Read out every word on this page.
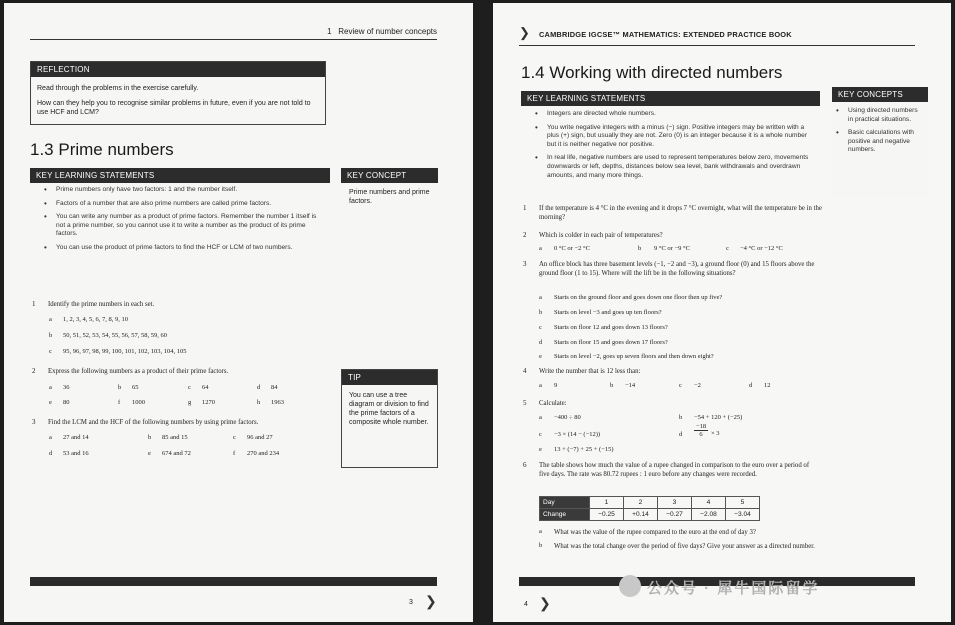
1 Review of number concepts
REFLECTION
Read through the problems in the exercise carefully.
How can they help you to recognise similar problems in future, even if you are not told to use HCF and LCM?
1.3 Prime numbers
KEY LEARNING STATEMENTS
• Prime numbers only have two factors: 1 and the number itself.
• Factors of a number that are also prime numbers are called prime factors.
• You can write any number as a product of prime factors. Remember the number 1 itself is not a prime number, so you cannot use it to write a number as the product of its prime factors.
• You can use the product of prime factors to find the HCF or LCM of two numbers.
KEY CONCEPT
Prime numbers and prime factors.
1 Identify the prime numbers in each set.
a 1, 2, 3, 4, 5, 6, 7, 8, 9, 10
b 50, 51, 52, 53, 54, 55, 56, 57, 58, 59, 60
c 95, 96, 97, 98, 99, 100, 101, 102, 103, 104, 105
2 Express the following numbers as a product of their prime factors.
a 36	b 65	c 64	d 84
e 80	f 1000	g 1270	h 1963
3 Find the LCM and the HCF of the following numbers by using prime factors.
a 27 and 14	b 85 and 15	c 96 and 27
d 53 and 16	e 674 and 72	f 270 and 234
TIP
You can use a tree diagram or division to find the prime factors of a composite whole number.
3 ❯
❯ CAMBRIDGE IGCSE™ MATHEMATICS: EXTENDED PRACTICE BOOK
1.4 Working with directed numbers
KEY LEARNING STATEMENTS
• Integers are directed whole numbers.
• You write negative integers with a minus (−) sign. Positive integers may be written with a plus (+) sign, but usually they are not. Zero (0) is an integer because it is a whole number but it is neither negative nor positive.
• In real life, negative numbers are used to represent temperatures below zero, movements downwards or left, depths, distances below sea level, bank withdrawals and overdrawn amounts, and many more things.
KEY CONCEPTS
• Using directed numbers in practical situations.
• Basic calculations with positive and negative numbers.
1 If the temperature is 4 °C in the evening and it drops 7 °C overnight, what will the temperature be in the morning?
2 Which is colder in each pair of temperatures?
a 0 °C or −2 °C	b 9 °C or −9 °C	c −4 °C or −12 °C
3 An office block has three basement levels (−1, −2 and −3), a ground floor (0) and 15 floors above the ground floor (1 to 15). Where will the lift be in the following situations?
a Starts on the ground floor and goes down one floor then up five?
b Starts on level −3 and goes up ten floors?
c Starts on floor 12 and goes down 13 floors?
d Starts on floor 15 and goes down 17 floors?
e Starts on level −2, goes up seven floors and then down eight?
4 Write the number that is 12 less than:
a 9	b −14	c −2	d 12
5 Calculate:
a −400 ÷ 80	b −54 + 120 + (−25)
c −3 × (14 − (−12))	d $\frac{-18}{6} \times 3$
e 13 + (−7) + 25 + (−15)
6 The table shows how much the value of a rupee changed in comparison to the euro over a period of five days. The rate was 80.72 rupees : 1 euro before any changes were recorded.
Day	1	2	3	4	5
Change	−0.25	+0.14	−0.27	−2.08	−3.04
a What was the value of the rupee compared to the euro at the end of day 3?
b What was the total change over the period of five days? Give your answer as a directed number.
4 ❯
公众号 · 犀牛国际留学
